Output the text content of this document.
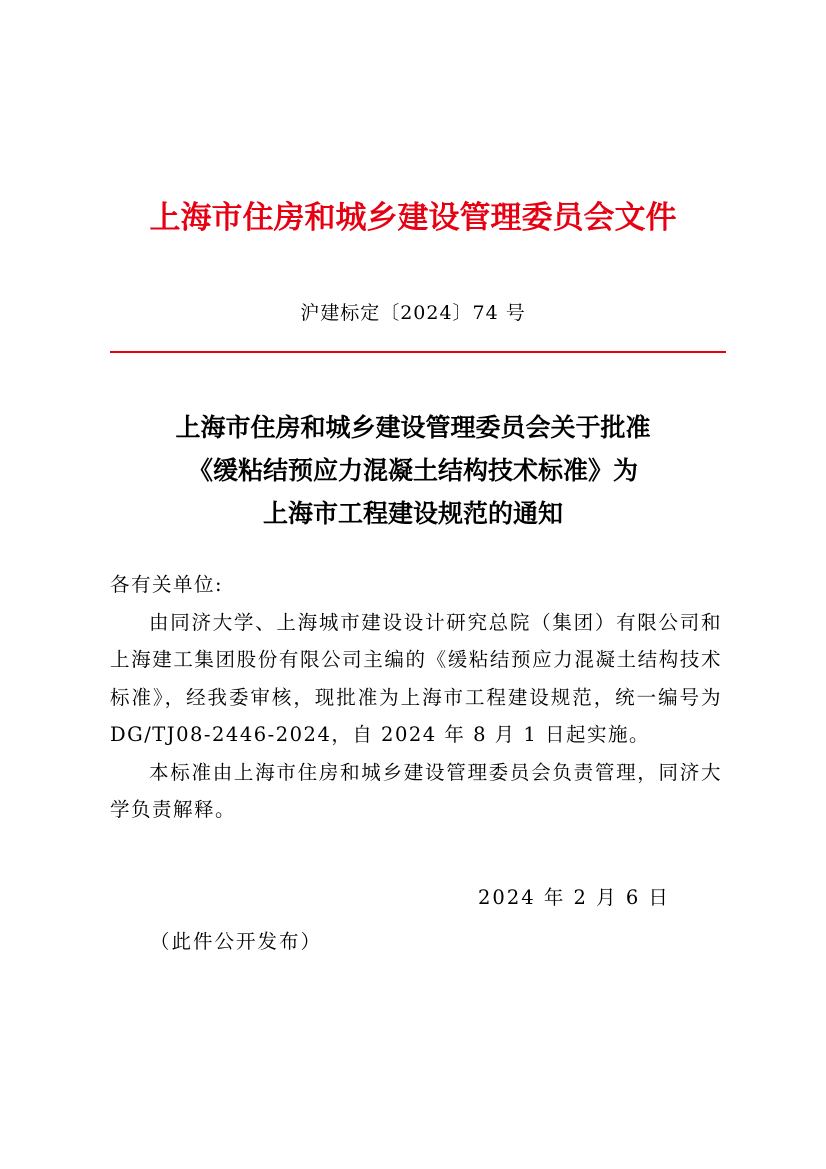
上海市住房和城乡建设管理委员会文件
沪建标定〔2024〕74 号
上海市住房和城乡建设管理委员会关于批准
《缓粘结预应力混凝土结构技术标准》为
上海市工程建设规范的通知

各有关单位:

由同济大学、上海城市建设设计研究总院（集团）有限公司和上海建工集团股份有限公司主编的《缓粘结预应力混凝土结构技术标准》，经我委审核，现批准为上海市工程建设规范，统一编号为 DG/TJ08-2446-2024，自 2024 年 8 月 1 日起实施。

本标准由上海市住房和城乡建设管理委员会负责管理，同济大学负责解释。

2024 年 2 月 6 日
（此件公开发布）
